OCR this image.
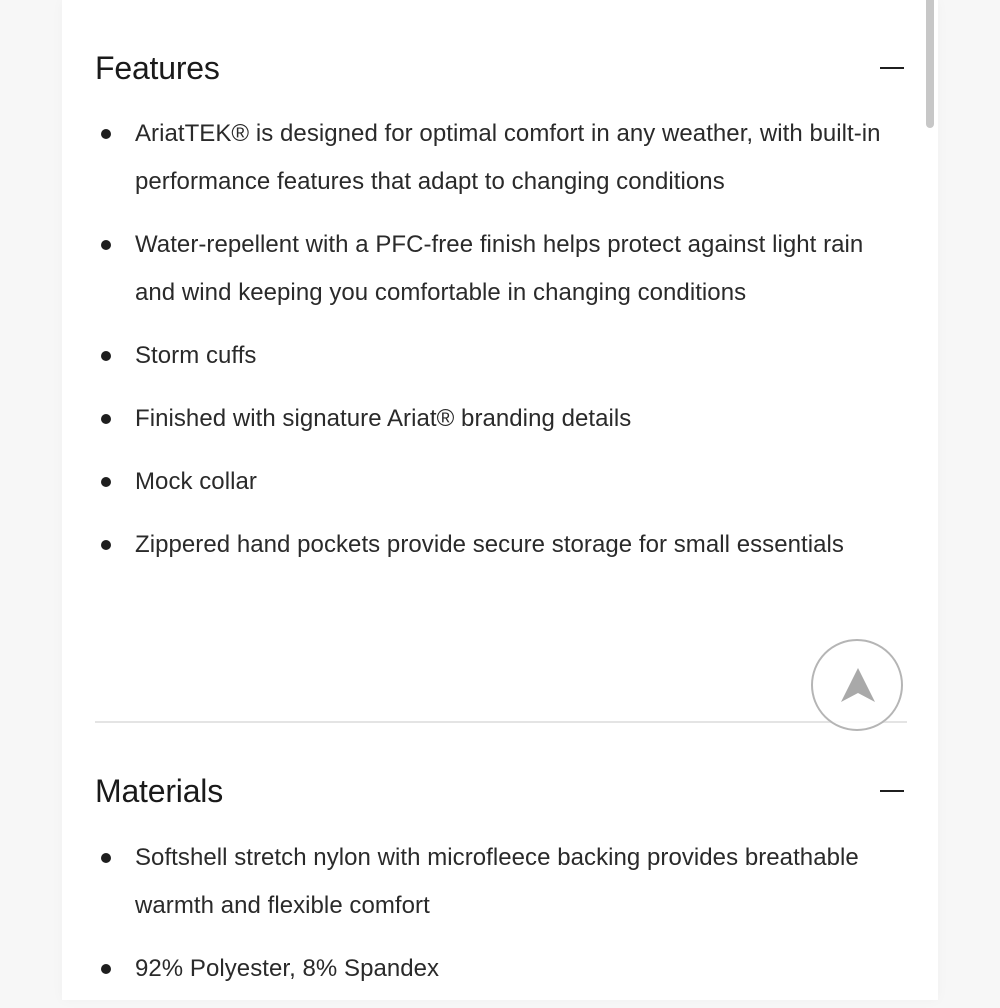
Features
AriatTEK® is designed for optimal comfort in any weather, with built-in performance features that adapt to changing conditions
Water-repellent with a PFC-free finish helps protect against light rain and wind keeping you comfortable in changing conditions
Storm cuffs
Finished with signature Ariat® branding details
Mock collar
Zippered hand pockets provide secure storage for small essentials
Materials
Softshell stretch nylon with microfleece backing provides breathable warmth and flexible comfort
92% Polyester, 8% Spandex
